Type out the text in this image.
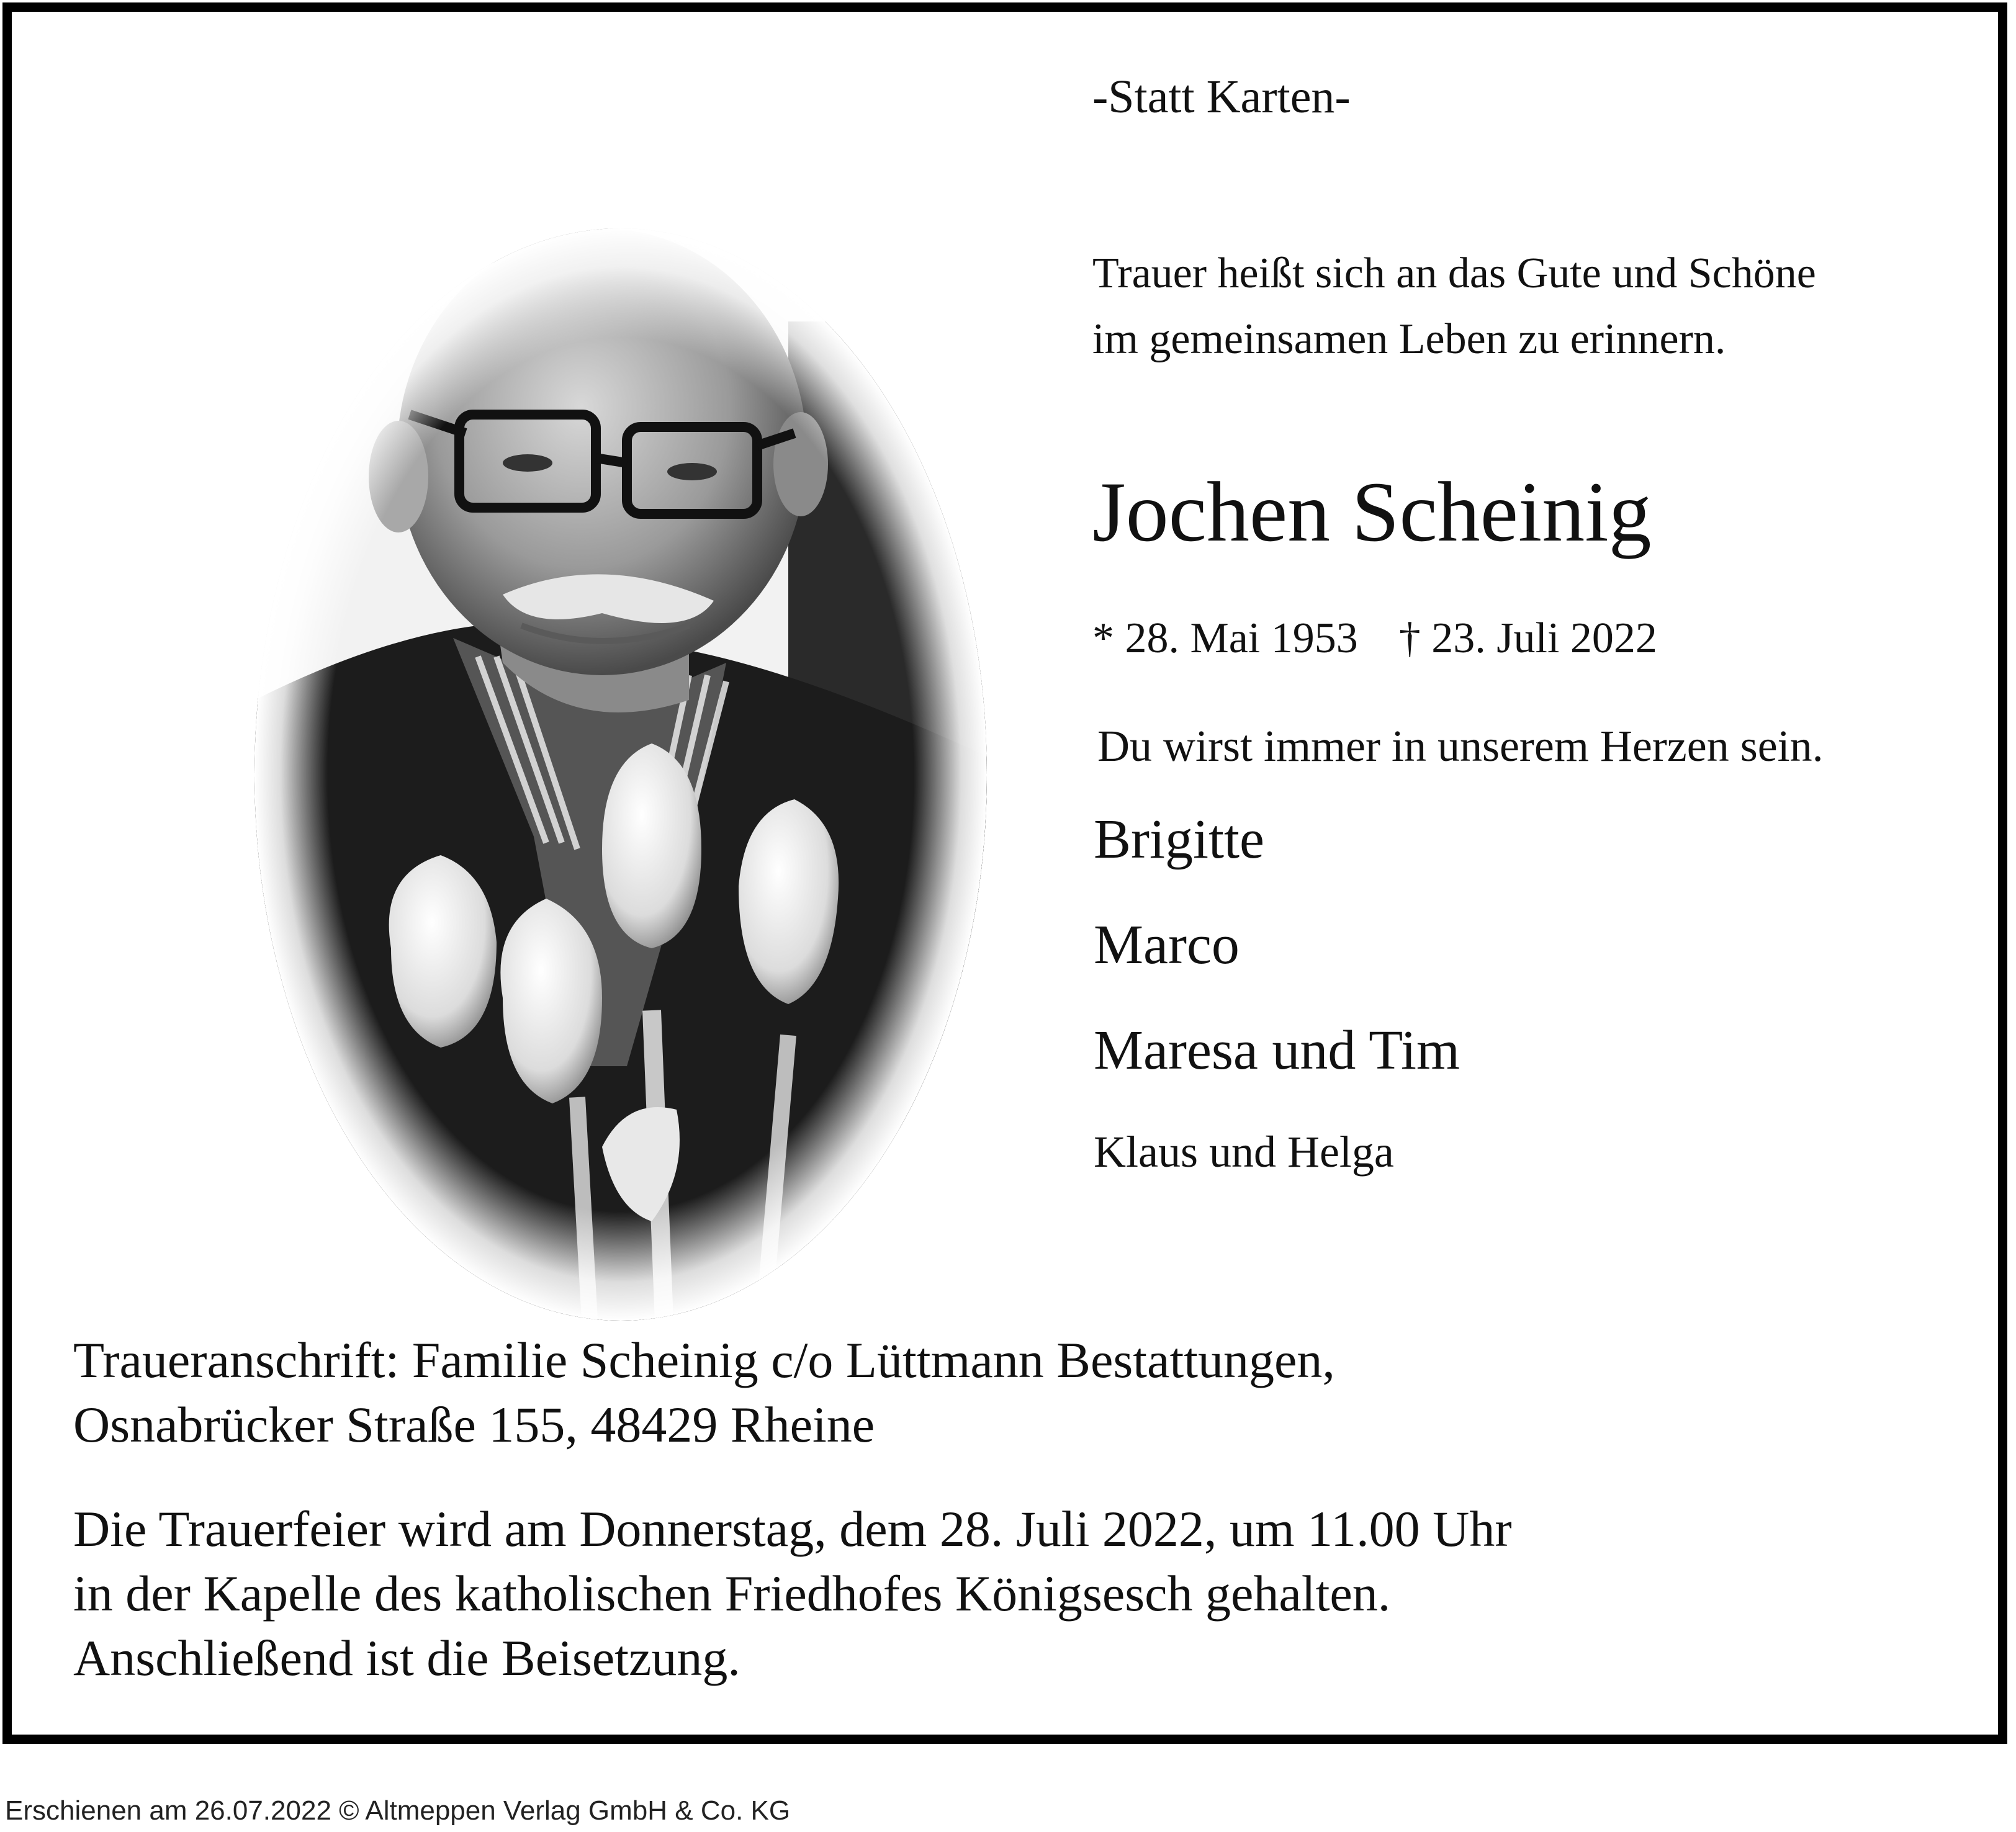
-Statt Karten-
Trauer heißt sich an das Gute und Schöne
im gemeinsamen Leben zu erinnern.
Jochen Scheinig
* 28. Mai 1953 † 23. Juli 2022
Du wirst immer in unserem Herzen sein.
Brigitte
Marco
Maresa und Tim
Klaus und Helga
Traueranschrift: Familie Scheinig c/o Lüttmann Bestattungen,
Osnabrücker Straße 155, 48429 Rheine
Die Trauerfeier wird am Donnerstag, dem 28. Juli 2022, um 11.00 Uhr
in der Kapelle des katholischen Friedhofes Königsesch gehalten.
Anschließend ist die Beisetzung.
Erschienen am 26.07.2022 © Altmeppen Verlag GmbH & Co. KG
